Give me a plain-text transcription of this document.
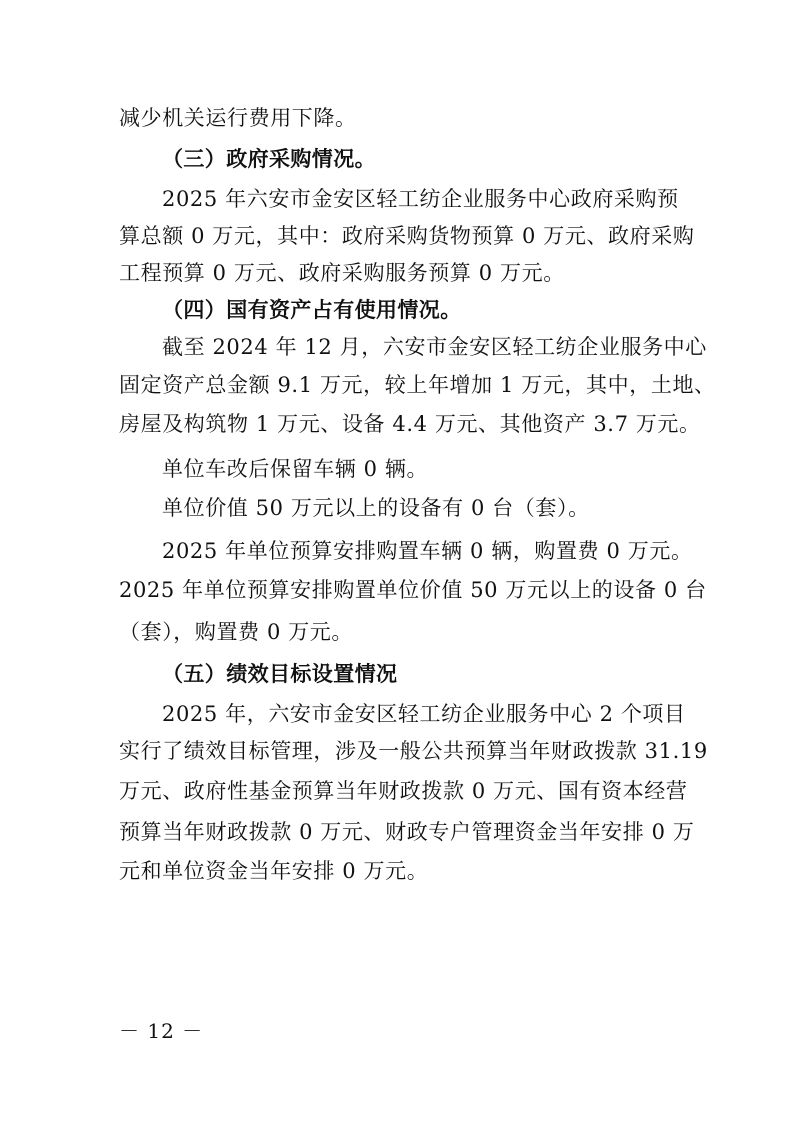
减少机关运行费用下降。
（三）政府采购情况。
2025 年六安市金安区轻工纺企业服务中心政府采购预
算总额 0 万元，其中：政府采购货物预算 0 万元、政府采购
工程预算 0 万元、政府采购服务预算 0 万元。
（四）国有资产占有使用情况。
截至 2024 年 12 月，六安市金安区轻工纺企业服务中心
固定资产总金额 9.1 万元，较上年增加 1 万元，其中，土地、
房屋及构筑物 1 万元、设备 4.4 万元、其他资产 3.7 万元。
单位车改后保留车辆 0 辆。
单位价值 50 万元以上的设备有 0 台（套）。
2025 年单位预算安排购置车辆 0 辆，购置费 0 万元。
2025 年单位预算安排购置单位价值 50 万元以上的设备 0 台
（套），购置费 0 万元。
（五）绩效目标设置情况
2025 年，六安市金安区轻工纺企业服务中心 2 个项目
实行了绩效目标管理，涉及一般公共预算当年财政拨款 31.19
万元、政府性基金预算当年财政拨款 0 万元、国有资本经营
预算当年财政拨款 0 万元、财政专户管理资金当年安排 0 万
元和单位资金当年安排 0 万元。
－ 12 －
